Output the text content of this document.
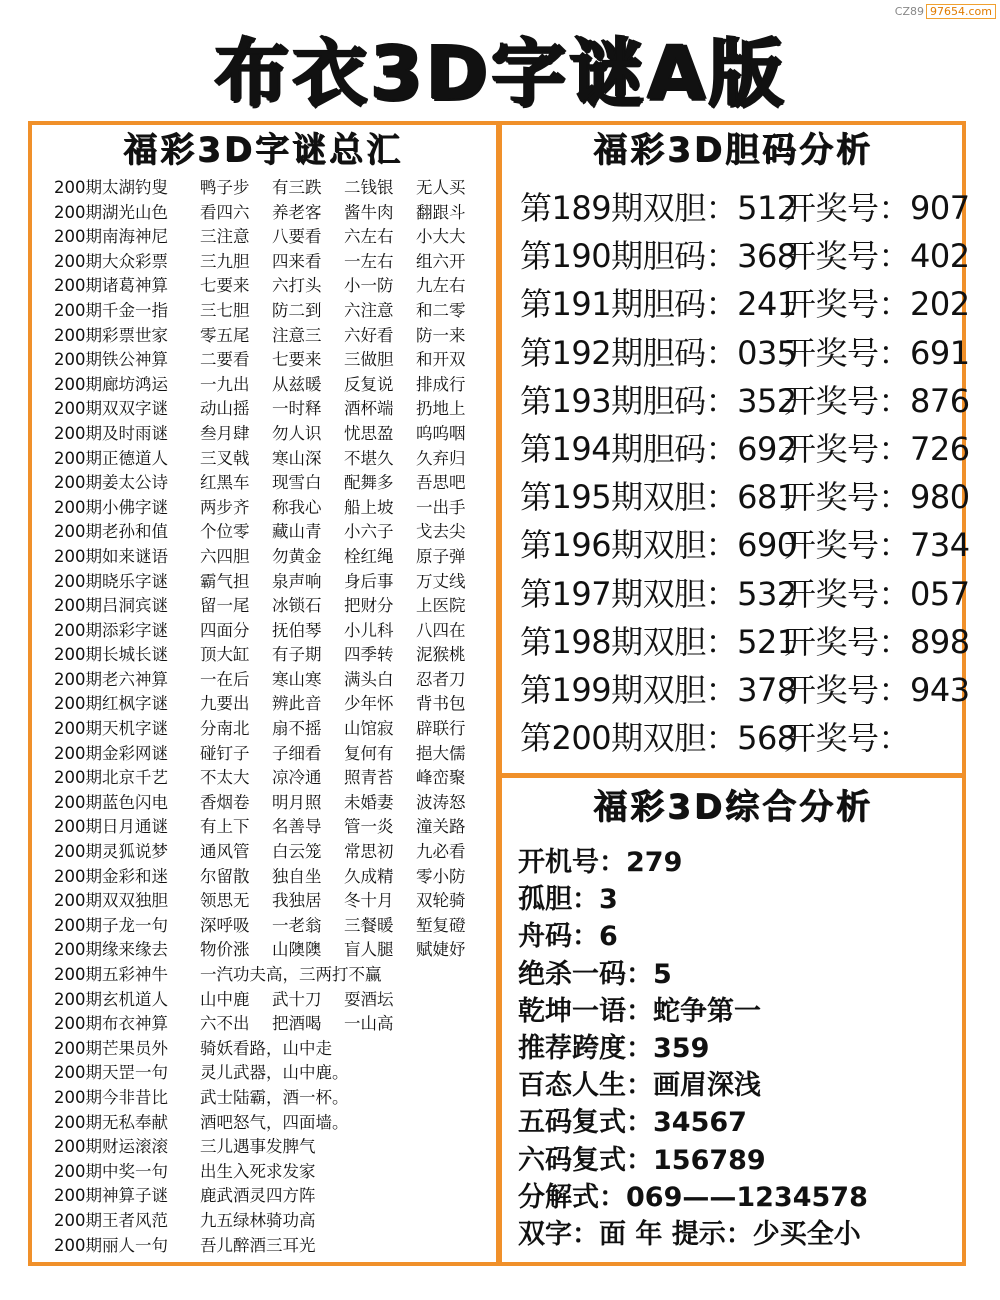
CZ89 97654.com
布衣3D字谜A版
福彩3D字谜总汇
200期太湖钓叟 鸭子步 有三跌 二钱银 无人买
200期湖光山色 看四六 养老客 酱牛肉 翻跟斗
200期南海神尼 三注意 八要看 六左右 小大大
200期大众彩票 三九胆 四来看 一左右 组六开
200期诸葛神算 七要来 六打头 小一防 九左右
200期千金一指 三七胆 防二到 六注意 和二零
200期彩票世家 零五尾 注意三 六好看 防一来
200期铁公神算 二要看 七要来 三做胆 和开双
200期廊坊鸿运 一九出 从兹暖 反复说 排成行
200期双双字谜 动山摇 一时释 酒杯端 扔地上
200期及时雨谜 叁月肆 勿人识 忧思盈 呜呜咽
200期正德道人 三叉戟 寒山深 不堪久 久弃归
200期姜太公诗 红黑车 现雪白 配舞多 吾思吧
200期小佛字谜 两步齐 称我心 船上坡 一出手
200期老孙和值 个位零 藏山青 小六子 戈去尖
200期如来谜语 六四胆 勿黄金 栓红绳 原子弹
200期晓乐字谜 霸气担 泉声响 身后事 万丈线
200期吕洞宾谜 留一尾 冰锁石 把财分 上医院
200期添彩字谜 四面分 抚伯琴 小儿科 八四在
200期长城长谜 顶大缸 有子期 四季转 泥猴桃
200期老六神算 一在后 寒山寒 满头白 忍者刀
200期红枫字谜 九要出 辨此音 少年怀 背书包
200期天机字谜 分南北 扇不摇 山馆寂 辟联行
200期金彩网谜 碰钉子 子细看 复何有 挹大儒
200期北京千艺 不太大 凉冷通 照青苔 峰峦聚
200期蓝色闪电 香烟卷 明月照 未婚妻 波涛怒
200期日月通谜 有上下 名善导 管一炎 潼关路
200期灵狐说梦 通风管 白云笼 常思初 九必看
200期金彩和迷 尔留散 独自坐 久成精 零小防
200期双双独胆 领思无 我独居 冬十月 双轮骑
200期子龙一句 深呼吸 一老翁 三餐暖 堑复磴
200期缘来缘去 物价涨 山隩隩 盲人腿 赋婕妤
200期五彩神牛 一汽功夫高，三两打不赢
200期玄机道人 山中鹿 武十刀 耍酒坛
200期布衣神算 六不出 把酒喝 一山高
200期芒果员外 骑妖看路，山中走
200期天罡一句 灵儿武器，山中鹿。
200期今非昔比 武士陆霸，酒一杯。
200期无私奉献 酒吧怒气，四面墙。
200期财运滚滚 三儿遇事发脾气
200期中奖一句 出生入死求发家
200期神算子谜 鹿武酒灵四方阵
200期王者风范 九五绿林骑功高
200期丽人一句 吾儿醉酒三耳光
福彩3D胆码分析
第189期双胆：512开奖号：907
第190期胆码：368开奖号：402
第191期胆码：241开奖号：202
第192期胆码：035开奖号：691
第193期胆码：352开奖号：876
第194期胆码：692开奖号：726
第195期双胆：681开奖号：980
第196期双胆：690开奖号：734
第197期双胆：532开奖号：057
第198期双胆：521开奖号：898
第199期双胆：378开奖号：943
第200期双胆：568开奖号：
福彩3D综合分析
开机号：279
孤胆：3
舟码：6
绝杀一码：5
乾坤一语：蛇争第一
推荐跨度：359
百态人生：画眉深浅
五码复式：34567
六码复式：156789
分解式：069——1234578
双字：面 年 提示：少买全小
